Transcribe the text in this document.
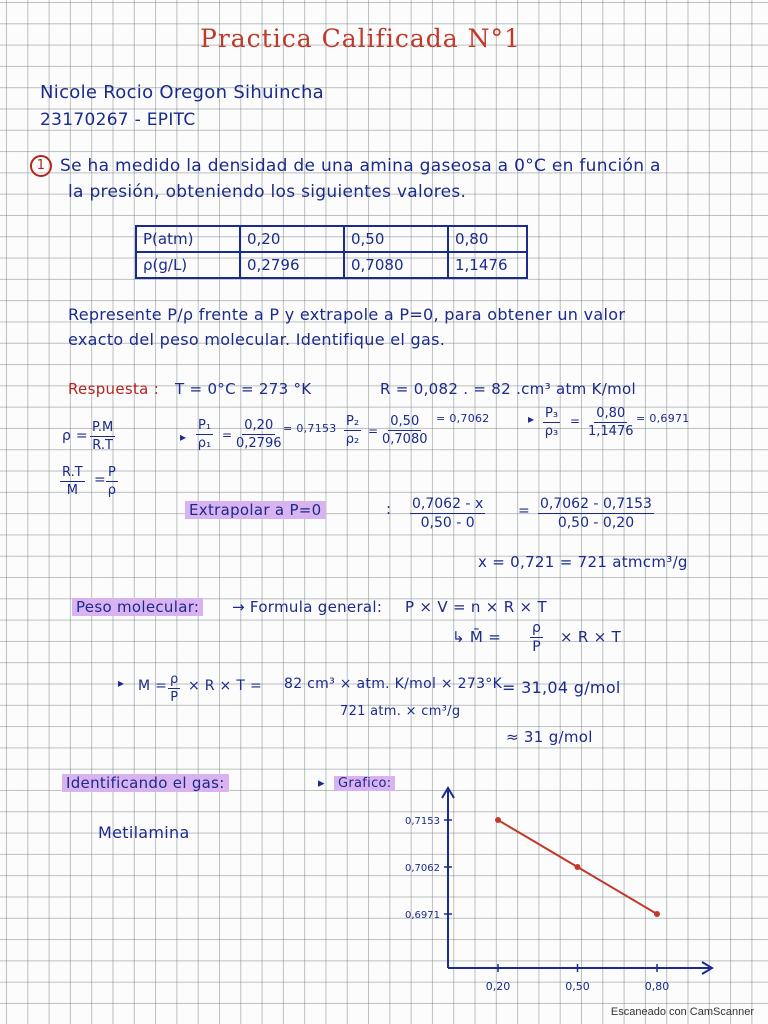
Practica Calificada N°1
Nicole Rocio Oregon Sihuincha
23170267 - EPITC
1 Se ha medido la densidad de una amina gaseosa a 0°C en función a
la presión, obteniendo los siguientes valores.
P(atm)	0,20	0,50	0,80
ρ(g/L)	0,2796	0,7080	1,1476
Represente P/ρ frente a P y extrapole a P=0, para obtener un valor
exacto del peso molecular. Identifique el gas.
Respuesta : T = 0°C = 273 °K	R = 0,082 . = 82 .cm³ atm K/mol
$\rho = \frac{P.M}{R.T}$
$\frac{R.T}{M} = \frac{P}{\rho}$
▸ $\frac{\text{P₁}}{\text{ρ₁}} = \frac{0,20}{0,2796} = 0,7153 \frac{\text{P₂}}{\text{ρ₂}} = \frac{0,50}{0,7080} = 0,7062$	▸ $\frac{\text{P₃}}{\text{ρ₃}} = \frac{0,80}{1,1476} = 0,6971$
Extrapolar a P=0	: $\frac{0,7062 - x}{0,50 - 0} = \frac{0,7062 - 0,7153}{0,50 - 0,20}$
x = 0,721 = 721 atmcm³/g
Peso molecular: → Formula general: P × V = n × R × T
↳ M̄ = $\frac{\rho}{P} \times R \times T$
▸ $M = \frac{\rho}{P} \times R \times T = 82$ cm³ × atm. K/mol × 273°K
721 atm. × cm³/g
= 31,04 g/mol
≈ 31 g/mol
Identificando el gas:
Metilamina
▸	Grafico:
0,7153
0,7062
0,6971
0,20	0,50	0,80
Escaneado con CamScanner
